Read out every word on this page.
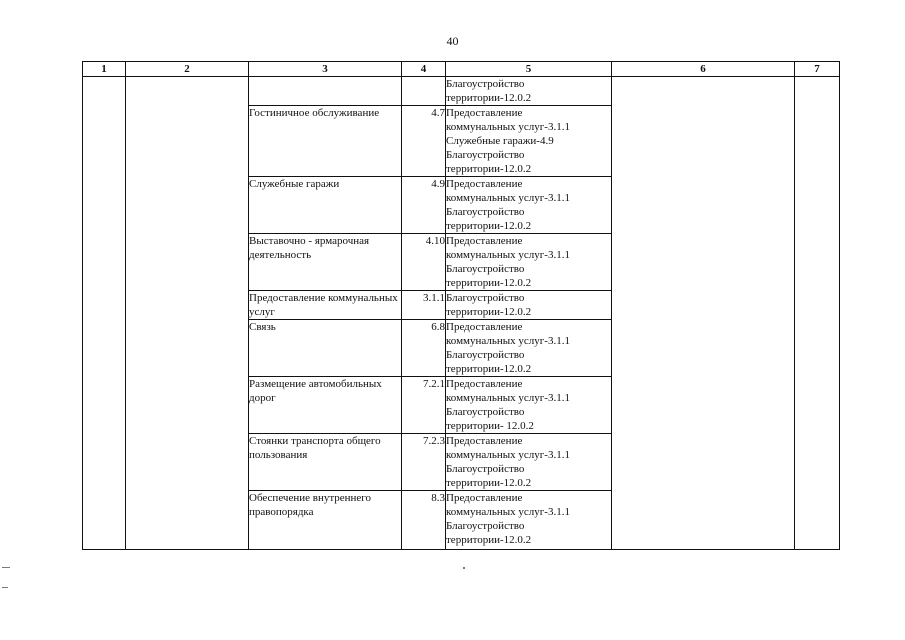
40
1	2	3	4	5	6	7

				Благоустройство
территории-12.0.2		

		Гостиничное обслуживание	4.7	Предоставление
коммунальных услуг-3.1.1
Служебные гаражи-4.9
Благоустройство
территории-12.0.2		

		Служебные гаражи	4.9	Предоставление
коммунальных услуг-3.1.1
Благоустройство
территории-12.0.2		

		Выставочно - ярмарочная деятельность	4.10	Предоставление
коммунальных услуг-3.1.1
Благоустройство
территории-12.0.2		

		Предоставление коммунальных услуг	3.1.1	Благоустройство
территории-12.0.2		

		Связь	6.8	Предоставление
коммунальных услуг-3.1.1
Благоустройство
территории-12.0.2		

		Размещение автомобильных дорог	7.2.1	Предоставление
коммунальных услуг-3.1.1
Благоустройство
территории- 12.0.2		

		Стоянки транспорта общего пользования	7.2.3	Предоставление
коммунальных услуг-3.1.1
Благоустройство
территории-12.0.2		

		Обеспечение внутреннего правопорядка	8.3	Предоставление
коммунальных услуг-3.1.1
Благоустройство
территории-12.0.2		
